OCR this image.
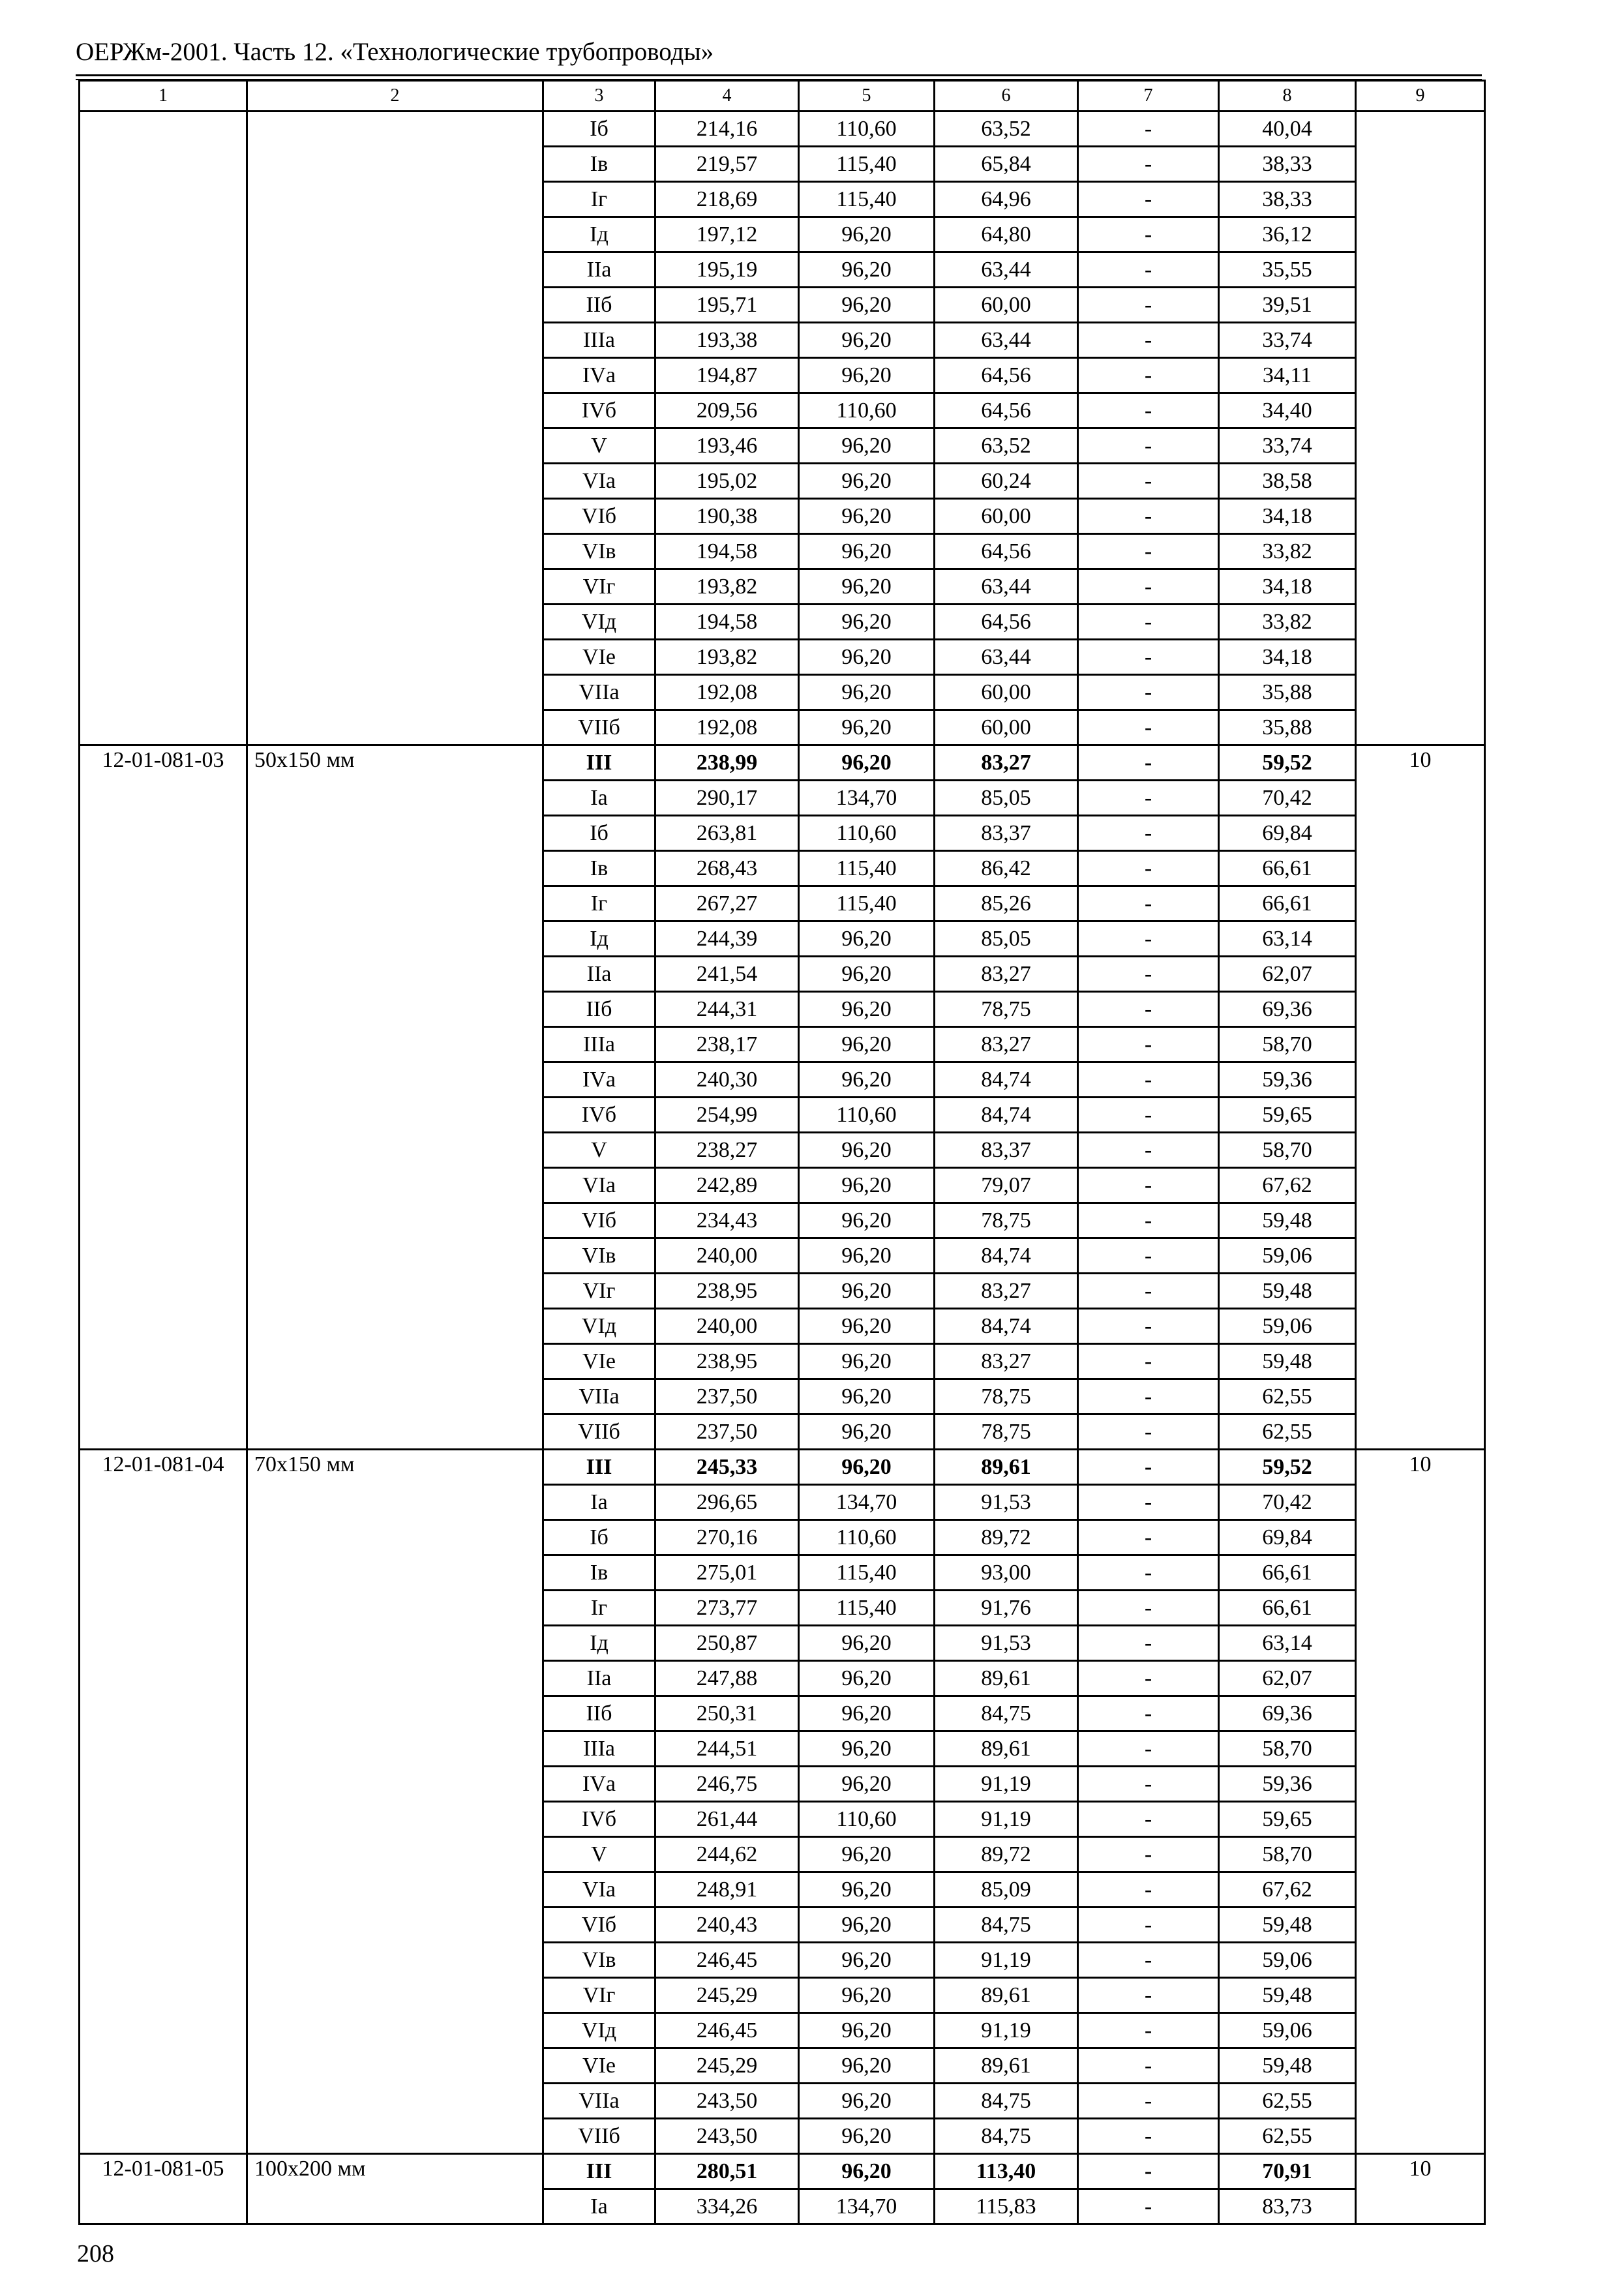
ОЕРЖм-2001. Часть 12. «Технологические трубопроводы»
1	2	3	4	5	6	7	8	9
		Iб	214,16	110,60	63,52	-	40,04	
		Iв	219,57	115,40	65,84	-	38,33	
		Iг	218,69	115,40	64,96	-	38,33	
		Iд	197,12	96,20	64,80	-	36,12	
		IIа	195,19	96,20	63,44	-	35,55	
		IIб	195,71	96,20	60,00	-	39,51	
		IIIа	193,38	96,20	63,44	-	33,74	
		IVа	194,87	96,20	64,56	-	34,11	
		IVб	209,56	110,60	64,56	-	34,40	
		V	193,46	96,20	63,52	-	33,74	
		VIа	195,02	96,20	60,24	-	38,58	
		VIб	190,38	96,20	60,00	-	34,18	
		VIв	194,58	96,20	64,56	-	33,82	
		VIг	193,82	96,20	63,44	-	34,18	
		VIд	194,58	96,20	64,56	-	33,82	
		VIе	193,82	96,20	63,44	-	34,18	
		VIIа	192,08	96,20	60,00	-	35,88	
		VIIб	192,08	96,20	60,00	-	35,88	
12-01-081-03	50x150 мм	III	238,99	96,20	83,27	-	59,52	10
		Iа	290,17	134,70	85,05	-	70,42	
		Iб	263,81	110,60	83,37	-	69,84	
		Iв	268,43	115,40	86,42	-	66,61	
		Iг	267,27	115,40	85,26	-	66,61	
		Iд	244,39	96,20	85,05	-	63,14	
		IIа	241,54	96,20	83,27	-	62,07	
		IIб	244,31	96,20	78,75	-	69,36	
		IIIа	238,17	96,20	83,27	-	58,70	
		IVа	240,30	96,20	84,74	-	59,36	
		IVб	254,99	110,60	84,74	-	59,65	
		V	238,27	96,20	83,37	-	58,70	
		VIа	242,89	96,20	79,07	-	67,62	
		VIб	234,43	96,20	78,75	-	59,48	
		VIв	240,00	96,20	84,74	-	59,06	
		VIг	238,95	96,20	83,27	-	59,48	
		VIд	240,00	96,20	84,74	-	59,06	
		VIе	238,95	96,20	83,27	-	59,48	
		VIIа	237,50	96,20	78,75	-	62,55	
		VIIб	237,50	96,20	78,75	-	62,55	
12-01-081-04	70x150 мм	III	245,33	96,20	89,61	-	59,52	10
		Iа	296,65	134,70	91,53	-	70,42	
		Iб	270,16	110,60	89,72	-	69,84	
		Iв	275,01	115,40	93,00	-	66,61	
		Iг	273,77	115,40	91,76	-	66,61	
		Iд	250,87	96,20	91,53	-	63,14	
		IIа	247,88	96,20	89,61	-	62,07	
		IIб	250,31	96,20	84,75	-	69,36	
		IIIа	244,51	96,20	89,61	-	58,70	
		IVа	246,75	96,20	91,19	-	59,36	
		IVб	261,44	110,60	91,19	-	59,65	
		V	244,62	96,20	89,72	-	58,70	
		VIа	248,91	96,20	85,09	-	67,62	
		VIб	240,43	96,20	84,75	-	59,48	
		VIв	246,45	96,20	91,19	-	59,06	
		VIг	245,29	96,20	89,61	-	59,48	
		VIд	246,45	96,20	91,19	-	59,06	
		VIе	245,29	96,20	89,61	-	59,48	
		VIIа	243,50	96,20	84,75	-	62,55	
		VIIб	243,50	96,20	84,75	-	62,55	
12-01-081-05	100x200 мм	III	280,51	96,20	113,40	-	70,91	10
		Iа	334,26	134,70	115,83	-	83,73	
208
